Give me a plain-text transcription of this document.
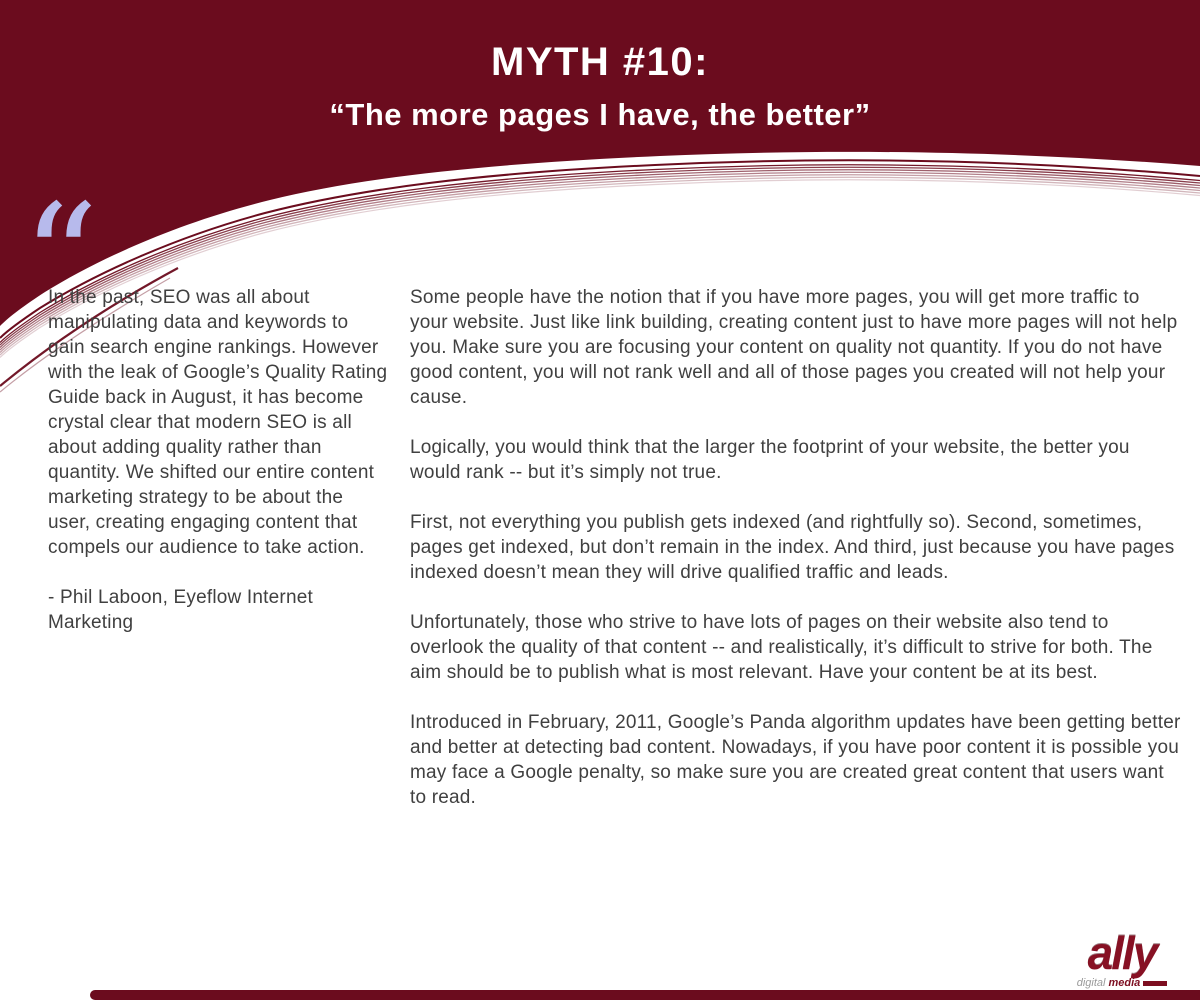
MYTH #10:
“The more pages I have, the better”
“

In the past, SEO was all about manipulating data and keywords to gain search engine rankings. However with the leak of Google’s Quality Rating Guide back in August, it has become crystal clear that modern SEO is all about adding quality rather than quantity. We shifted our entire content marketing strategy to be about the user, creating engaging content that compels our audience to take action.

- Phil Laboon, Eyeflow Internet Marketing

Some people have the notion that if you have more pages, you will get more traffic to your website. Just like link building, creating content just to have more pages will not help you. Make sure you are focusing your content on quality not quantity. If you do not have good content, you will not rank well and all of those pages you created will not help your cause.

Logically, you would think that the larger the footprint of your website, the better you would rank -- but it’s simply not true.

First, not everything you publish gets indexed (and rightfully so). Second, sometimes, pages get indexed, but don’t remain in the index. And third, just because you have pages indexed doesn’t mean they will drive qualified traffic and leads.

Unfortunately, those who strive to have lots of pages on their website also tend to overlook the quality of that content -- and realistically, it’s difficult to strive for both. The aim should be to publish what is most relevant. Have your content be at its best.

Introduced in February, 2011, Google’s Panda algorithm updates have been getting better and better at detecting bad content. Nowadays, if you have poor content it is possible you may face a Google penalty, so make sure you are created great content that users want to read.

ally
digital media
